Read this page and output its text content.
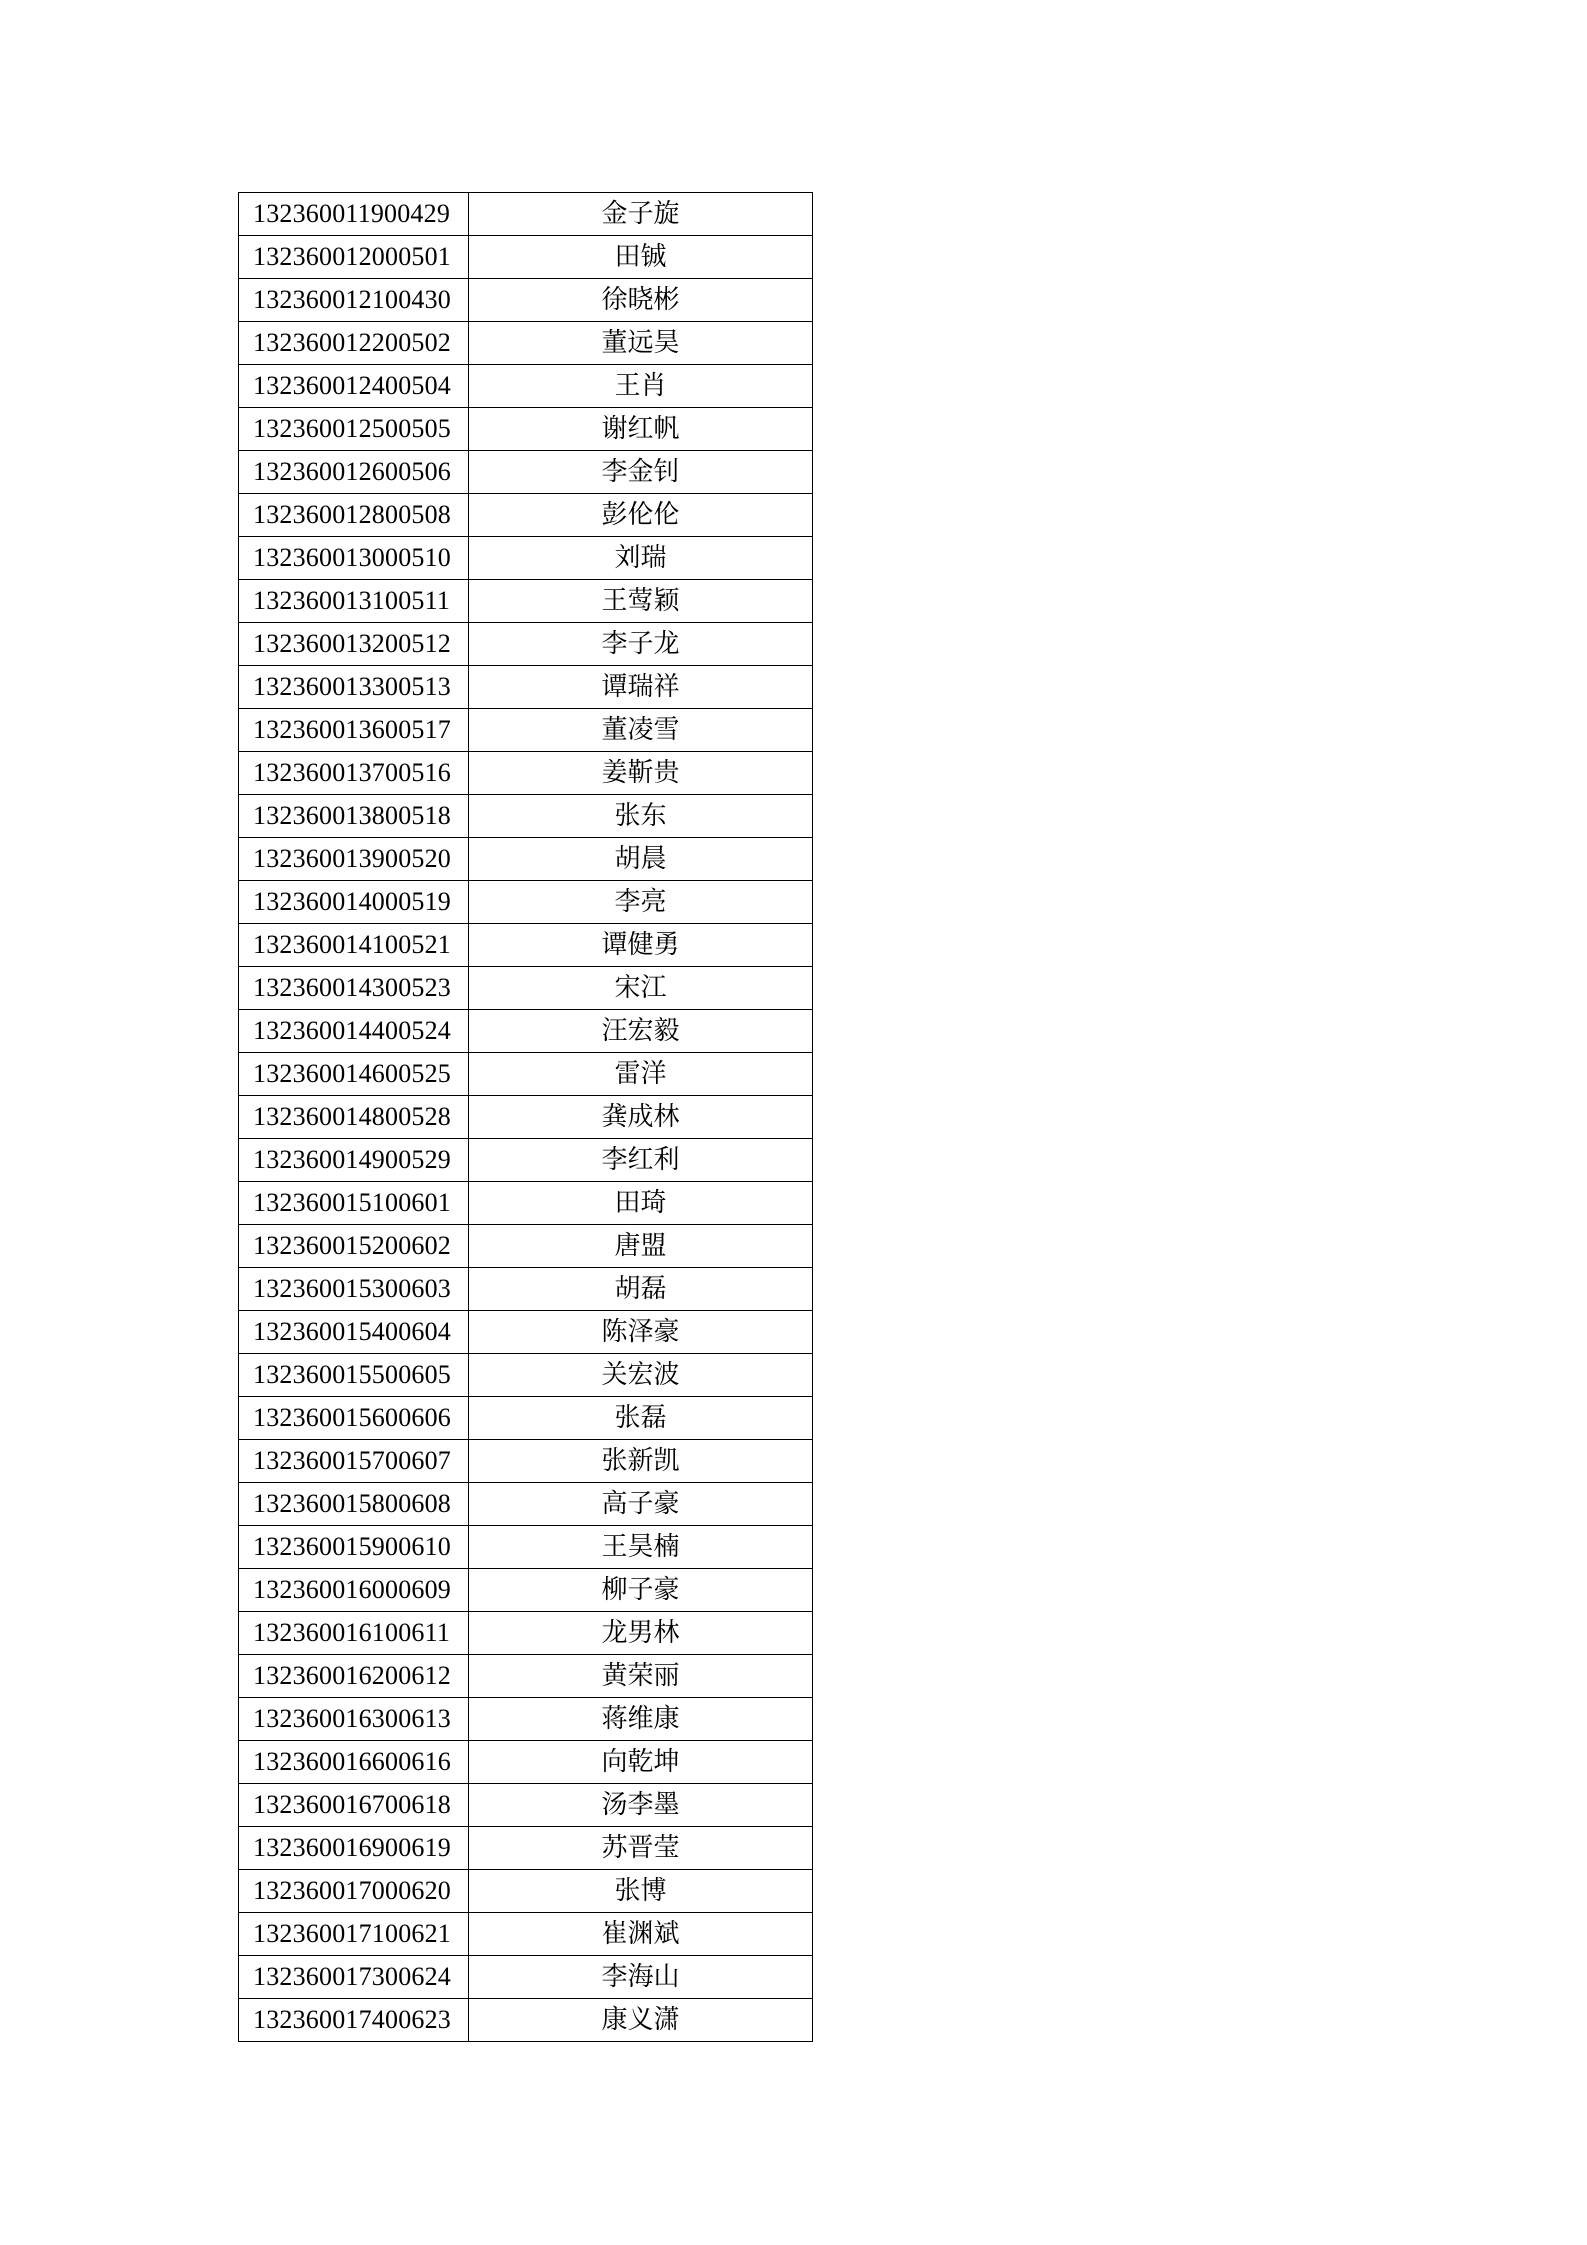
132360011900429	金子旋
132360012000501	田铖
132360012100430	徐晓彬
132360012200502	董远昊
132360012400504	王肖
132360012500505	谢红帆
132360012600506	李金钊
132360012800508	彭伦伦
132360013000510	刘瑞
132360013100511	王莺颖
132360013200512	李子龙
132360013300513	谭瑞祥
132360013600517	董凌雪
132360013700516	姜靳贵
132360013800518	张东
132360013900520	胡晨
132360014000519	李亮
132360014100521	谭健勇
132360014300523	宋江
132360014400524	汪宏毅
132360014600525	雷洋
132360014800528	龚成林
132360014900529	李红利
132360015100601	田琦
132360015200602	唐盟
132360015300603	胡磊
132360015400604	陈泽豪
132360015500605	关宏波
132360015600606	张磊
132360015700607	张新凯
132360015800608	高子豪
132360015900610	王昊楠
132360016000609	柳子豪
132360016100611	龙男林
132360016200612	黄荣丽
132360016300613	蒋维康
132360016600616	向乾坤
132360016700618	汤李墨
132360016900619	苏晋莹
132360017000620	张博
132360017100621	崔渊斌
132360017300624	李海山
132360017400623	康义潇
